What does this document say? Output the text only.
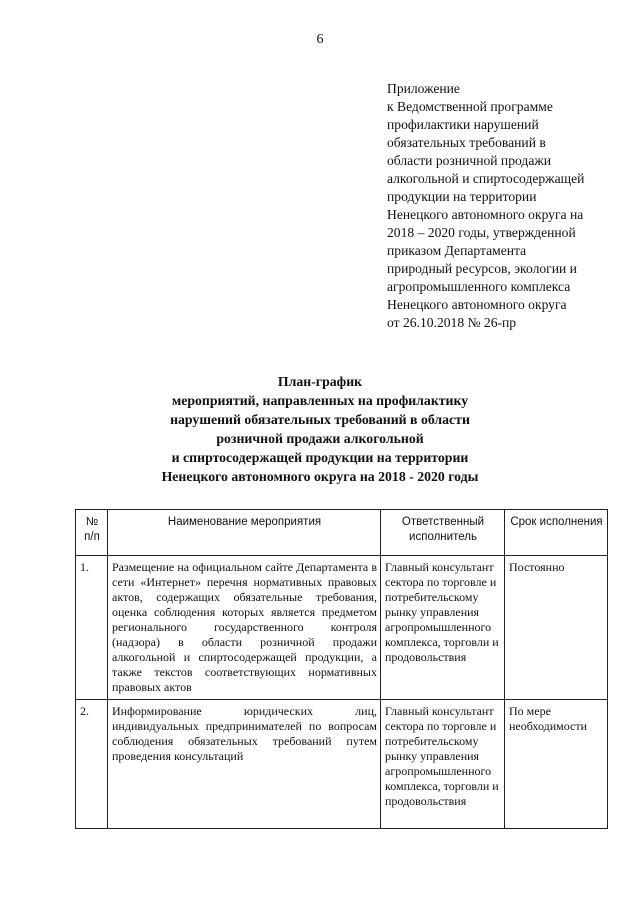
6
Приложение
к Ведомственной программе
профилактики нарушений
обязательных требований в
области розничной продажи
алкогольной и спиртосодержащей
продукции на территории
Ненецкого автономного округа на
2018 – 2020 годы, утвержденной
приказом Департамента
природный ресурсов, экологии и
агропромышленного комплекса
Ненецкого автономного округа
от 26.10.2018 № 26-пр
План-график
мероприятий, направленных на профилактику
нарушений обязательных требований в области
розничной продажи алкогольной
и спиртосодержащей продукции на территории
Ненецкого автономного округа на 2018 - 2020 годы
№ п/п	Наименование мероприятия	Ответственный исполнитель	Срок исполнения
1.	Размещение на официальном сайте Департамента в сети «Интернет» перечня нормативных правовых актов, содержащих обязательные требования, оценка соблюдения которых является предметом регионального государственного контроля (надзора) в области розничной продажи алкогольной и спиртосодержащей продукции, а также текстов соответствующих нормативных правовых актов	Главный консультант сектора по торговле и потребительскому рынку управления агропромышленного комплекса, торговли и продовольствия	Постоянно
2.	Информирование юридических лиц, индивидуальных предпринимателей по вопросам соблюдения обязательных требований путем проведения консультаций	Главный консультант сектора по торговле и потребительскому рынку управления агропромышленного комплекса, торговли и продовольствия	По мере необходимости
